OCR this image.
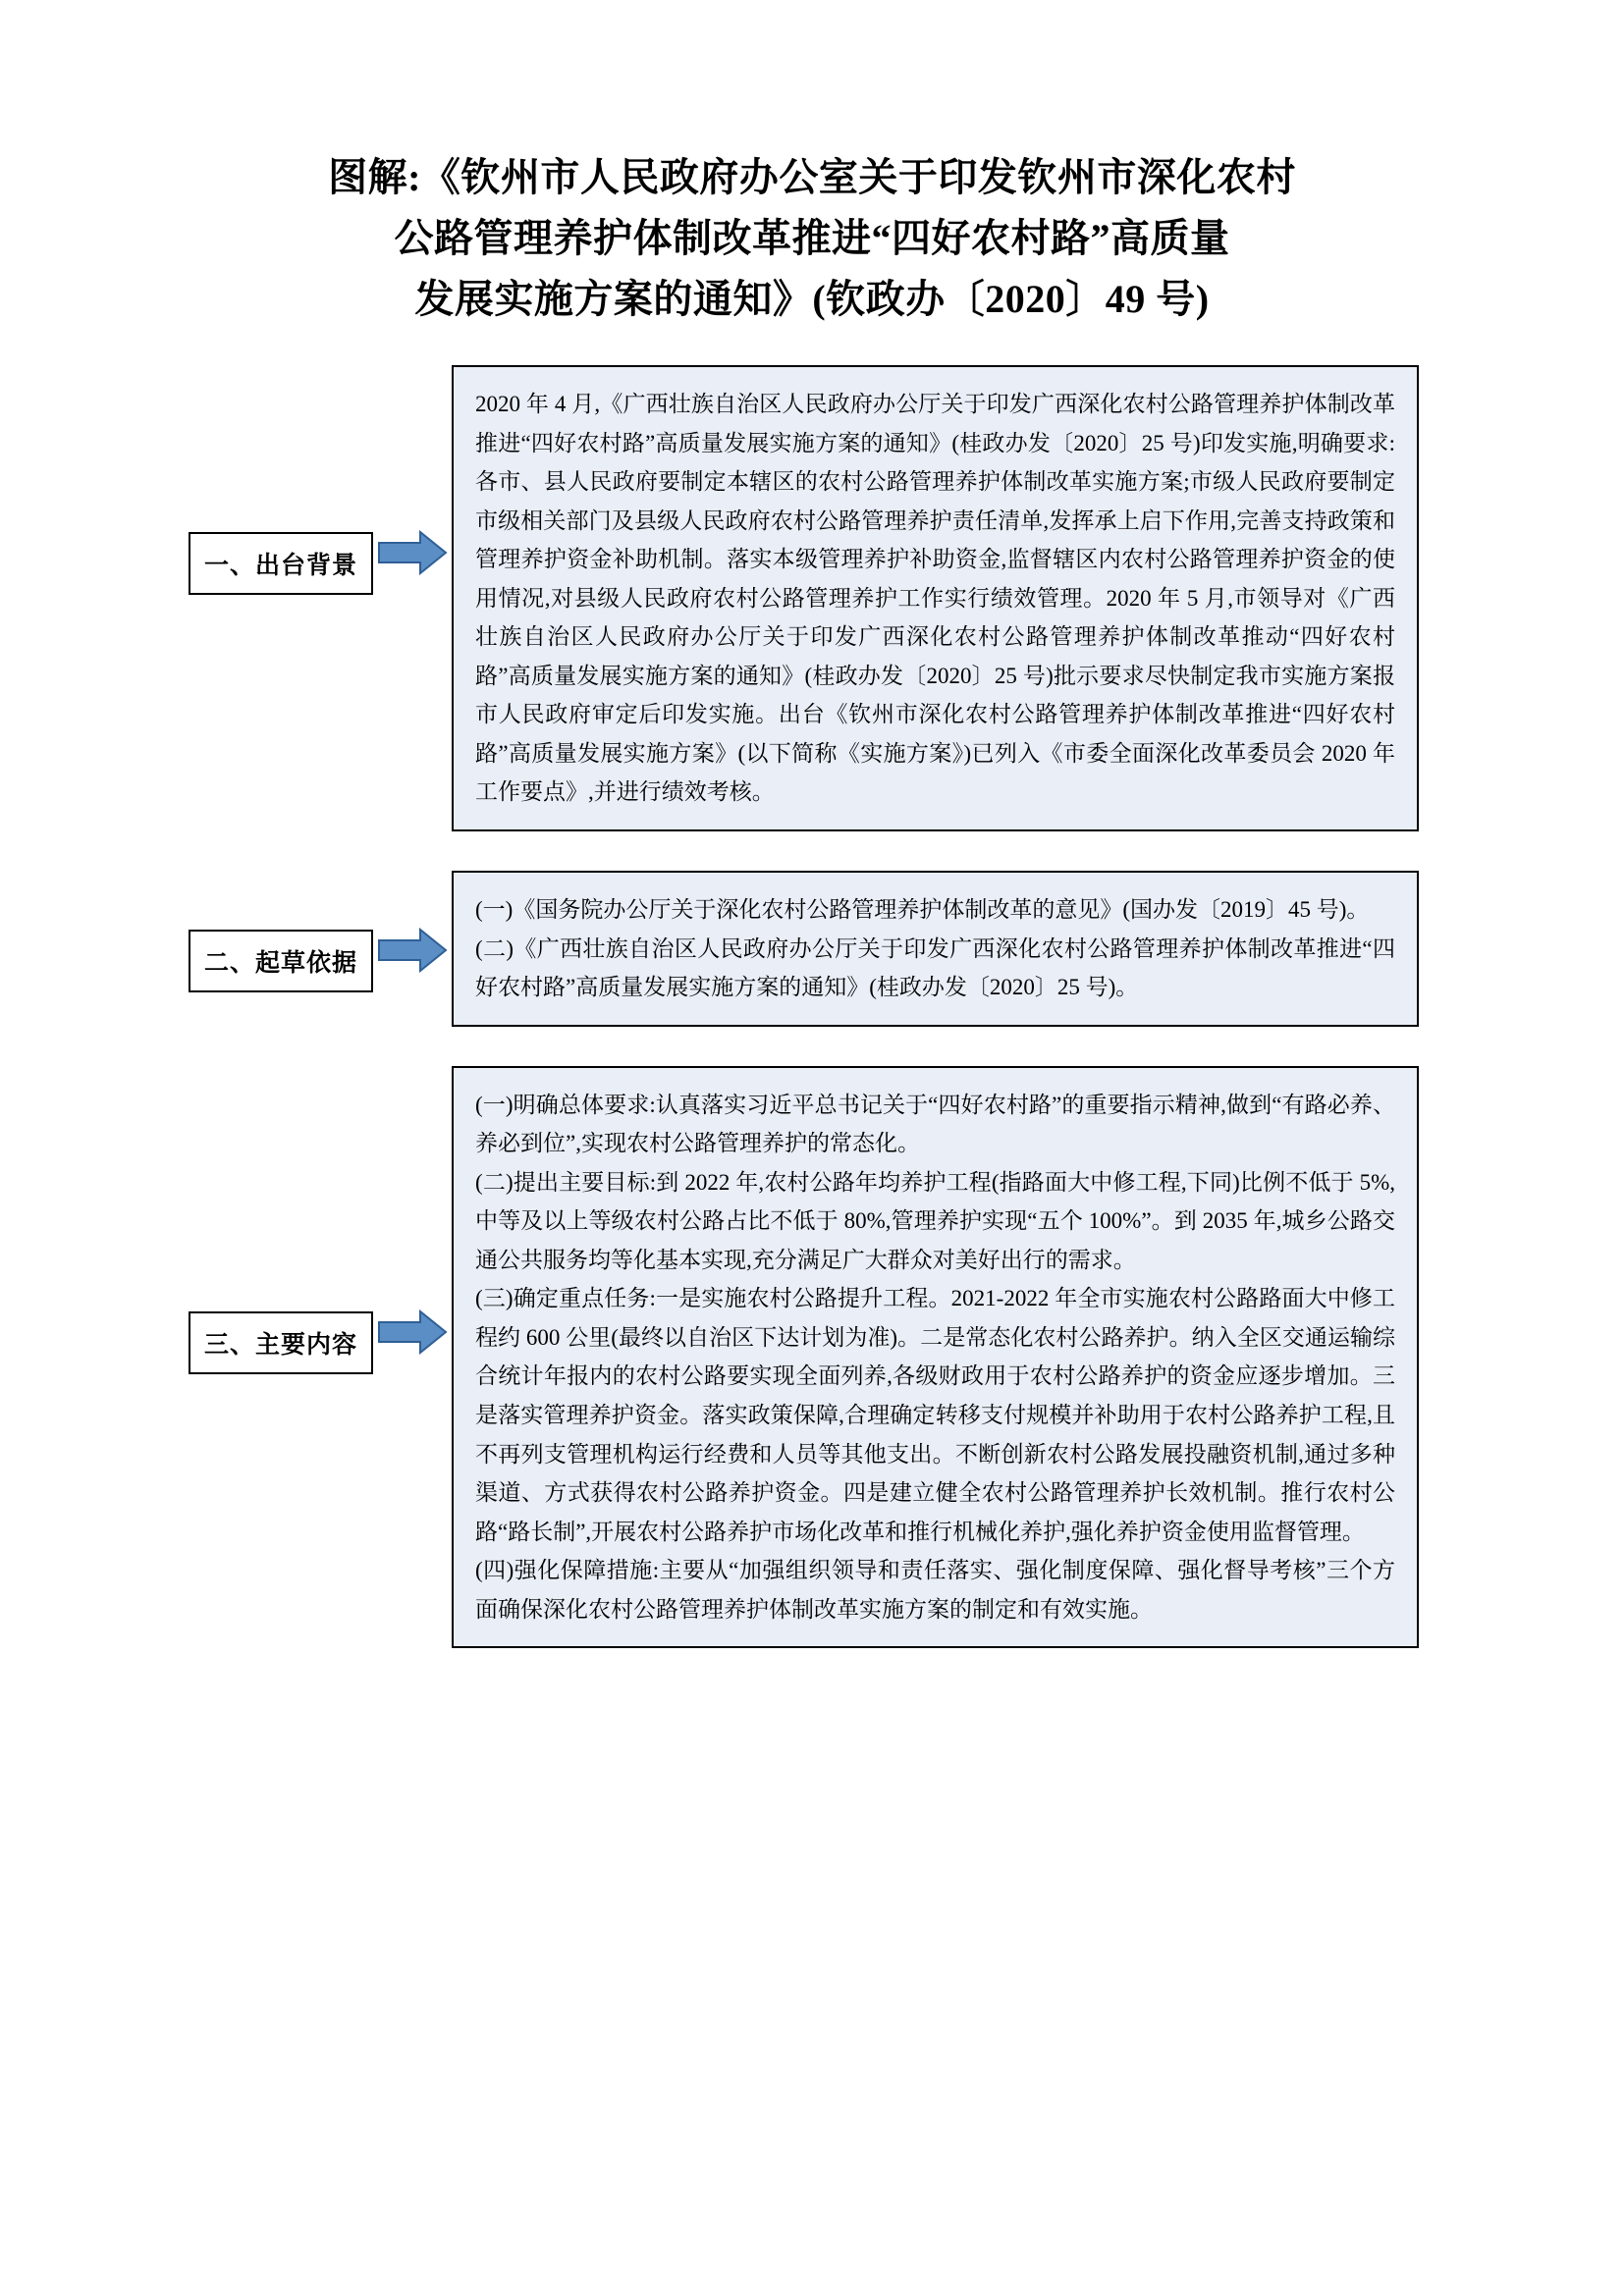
图解:《钦州市人民政府办公室关于印发钦州市深化农村
公路管理养护体制改革推进“四好农村路”高质量
发展实施方案的通知》(钦政办〔2020〕49 号)
一、出台背景

2020 年 4 月,《广西壮族自治区人民政府办公厅关于印发广西深化农村公路管理养护体制改革推进“四好农村路”高质量发展实施方案的通知》(桂政办发〔2020〕25 号)印发实施,明确要求:各市、县人民政府要制定本辖区的农村公路管理养护体制改革实施方案;市级人民政府要制定市级相关部门及县级人民政府农村公路管理养护责任清单,发挥承上启下作用,完善支持政策和管理养护资金补助机制。落实本级管理养护补助资金,监督辖区内农村公路管理养护资金的使用情况,对县级人民政府农村公路管理养护工作实行绩效管理。2020 年 5 月,市领导对《广西壮族自治区人民政府办公厅关于印发广西深化农村公路管理养护体制改革推动“四好农村路”高质量发展实施方案的通知》(桂政办发〔2020〕25 号)批示要求尽快制定我市实施方案报市人民政府审定后印发实施。出台《钦州市深化农村公路管理养护体制改革推进“四好农村路”高质量发展实施方案》(以下简称《实施方案》)已列入《市委全面深化改革委员会 2020 年工作要点》,并进行绩效考核。

二、起草依据

(一)《国务院办公厅关于深化农村公路管理养护体制改革的意见》(国办发〔2019〕45 号)。

(二)《广西壮族自治区人民政府办公厅关于印发广西深化农村公路管理养护体制改革推进“四好农村路”高质量发展实施方案的通知》(桂政办发〔2020〕25 号)。

三、主要内容

(一)明确总体要求:认真落实习近平总书记关于“四好农村路”的重要指示精神,做到“有路必养、养必到位”,实现农村公路管理养护的常态化。

(二)提出主要目标:到 2022 年,农村公路年均养护工程(指路面大中修工程,下同)比例不低于 5%,中等及以上等级农村公路占比不低于 80%,管理养护实现“五个 100%”。到 2035 年,城乡公路交通公共服务均等化基本实现,充分满足广大群众对美好出行的需求。

(三)确定重点任务:一是实施农村公路提升工程。2021-2022 年全市实施农村公路路面大中修工程约 600 公里(最终以自治区下达计划为准)。二是常态化农村公路养护。纳入全区交通运输综合统计年报内的农村公路要实现全面列养,各级财政用于农村公路养护的资金应逐步增加。三是落实管理养护资金。落实政策保障,合理确定转移支付规模并补助用于农村公路养护工程,且不再列支管理机构运行经费和人员等其他支出。不断创新农村公路发展投融资机制,通过多种渠道、方式获得农村公路养护资金。四是建立健全农村公路管理养护长效机制。推行农村公路“路长制”,开展农村公路养护市场化改革和推行机械化养护,强化养护资金使用监督管理。

(四)强化保障措施:主要从“加强组织领导和责任落实、强化制度保障、强化督导考核”三个方面确保深化农村公路管理养护体制改革实施方案的制定和有效实施。
